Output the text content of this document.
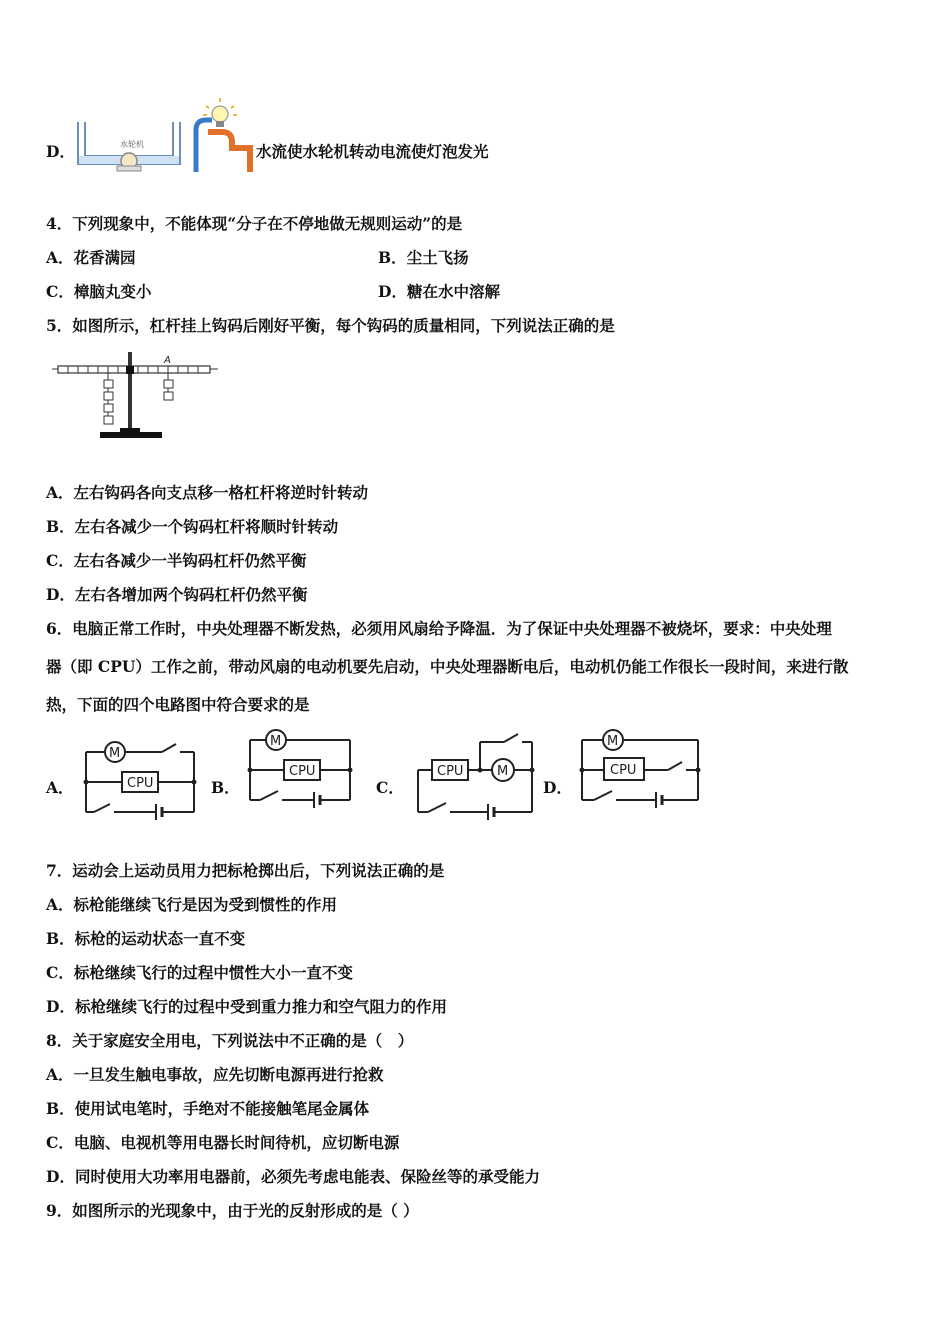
D．	水轮机	水流使水轮机转动电流使灯泡发光
4．下列现象中，不能体现“分子在不停地做无规则运动”的是
A．花香满园	B．尘土飞扬
C．樟脑丸变小	D．糖在水中溶解
5．如图所示，杠杆挂上钩码后刚好平衡，每个钩码的质量相同，下列说法正确的是
A
A．左右钩码各向支点移一格杠杆将逆时针转动
B．左右各减少一个钩码杠杆将顺时针转动
C．左右各减少一半钩码杠杆仍然平衡
D．左右各增加两个钩码杠杆仍然平衡
6．电脑正常工作时，中央处理器不断发热，必须用风扇给予降温．为了保证中央处理器不被烧坏，要求：中央处理
器（即 CPU）工作之前，带动风扇的电动机要先启动，中央处理器断电后，电动机仍能工作很长一段时间，来进行散
热，下面的四个电路图中符合要求的是
A．
M
CPU	B．
M
CPU
C．
CPU	M
D．
M
CPU
7．运动会上运动员用力把标枪掷出后，下列说法正确的是
A．标枪能继续飞行是因为受到惯性的作用
B．标枪的运动状态一直不变
C．标枪继续飞行的过程中惯性大小一直不变
D．标枪继续飞行的过程中受到重力推力和空气阻力的作用
8．关于家庭安全用电，下列说法中不正确的是（　）
A．一旦发生触电事故，应先切断电源再进行抢救
B．使用试电笔时，手绝对不能接触笔尾金属体
C．电脑、电视机等用电器长时间待机，应切断电源
D．同时使用大功率用电器前，必须先考虑电能表、保险丝等的承受能力
9．如图所示的光现象中，由于光的反射形成的是（ ）
